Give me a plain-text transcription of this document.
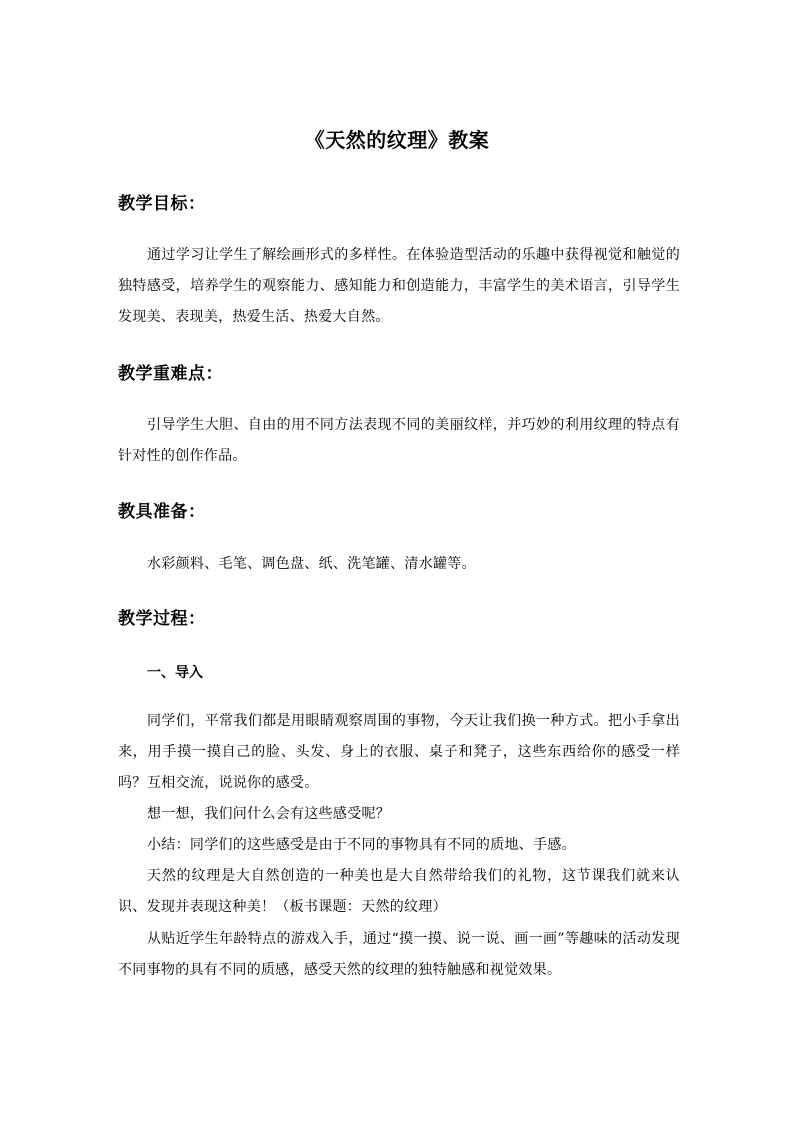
《天然的纹理》教案
教学目标：

通过学习让学生了解绘画形式的多样性。在体验造型活动的乐趣中获得视觉和触觉的独特感受，培养学生的观察能力、感知能力和创造能力，丰富学生的美术语言，引导学生发现美、表现美，热爱生活、热爱大自然。

教学重难点：

引导学生大胆、自由的用不同方法表现不同的美丽纹样，并巧妙的利用纹理的特点有针对性的创作作品。

教具准备：

水彩颜料、毛笔、调色盘、纸、洗笔罐、清水罐等。

教学过程：
一、导入

同学们，平常我们都是用眼睛观察周围的事物，今天让我们换一种方式。把小手拿出来，用手摸一摸自己的脸、头发、身上的衣服、桌子和凳子，这些东西给你的感受一样吗？ 互相交流，说说你的感受。

想一想，我们问什么会有这些感受呢？

小结：同学们的这些感受是由于不同的事物具有不同的质地、手感。

天然的纹理是大自然创造的一种美也是大自然带给我们的礼物，这节课我们就来认识、发现并表现这种美！（板书课题：天然的纹理）

从贴近学生年龄特点的游戏入手，通过“摸一摸、说一说、画一画”等趣味的活动发现不同事物的具有不同的质感，感受天然的纹理的独特触感和视觉效果。
